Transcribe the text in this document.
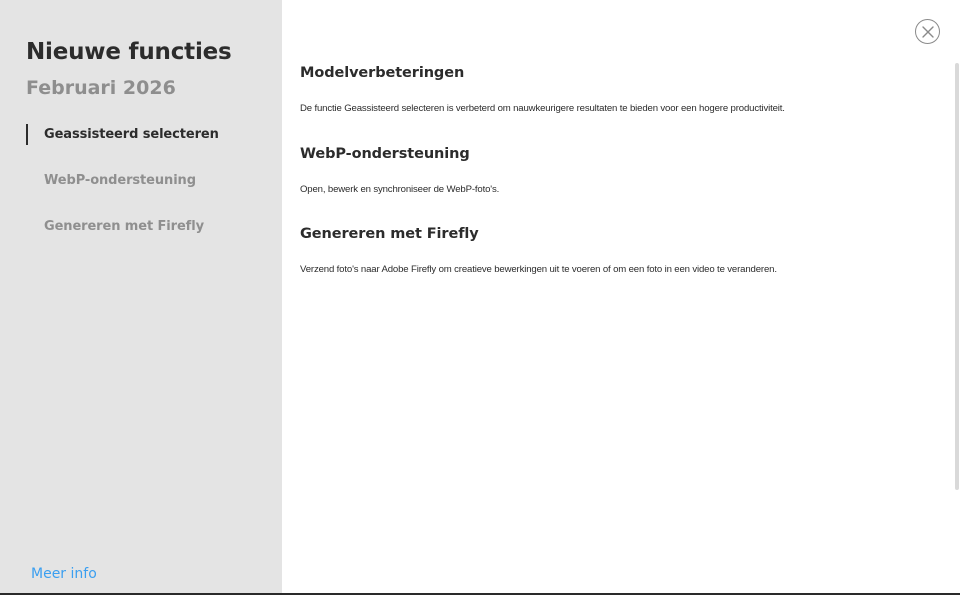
Nieuwe functies
Februari 2026
Geassisteerd selecteren
WebP-ondersteuning
Genereren met Firefly
Meer info
Modelverbeteringen
De functie Geassisteerd selecteren is verbeterd om nauwkeurigere resultaten te bieden voor een hogere productiviteit.
WebP-ondersteuning
Open, bewerk en synchroniseer de WebP-foto's.
Genereren met Firefly
Verzend foto's naar Adobe Firefly om creatieve bewerkingen uit te voeren of om een foto in een video te veranderen.
